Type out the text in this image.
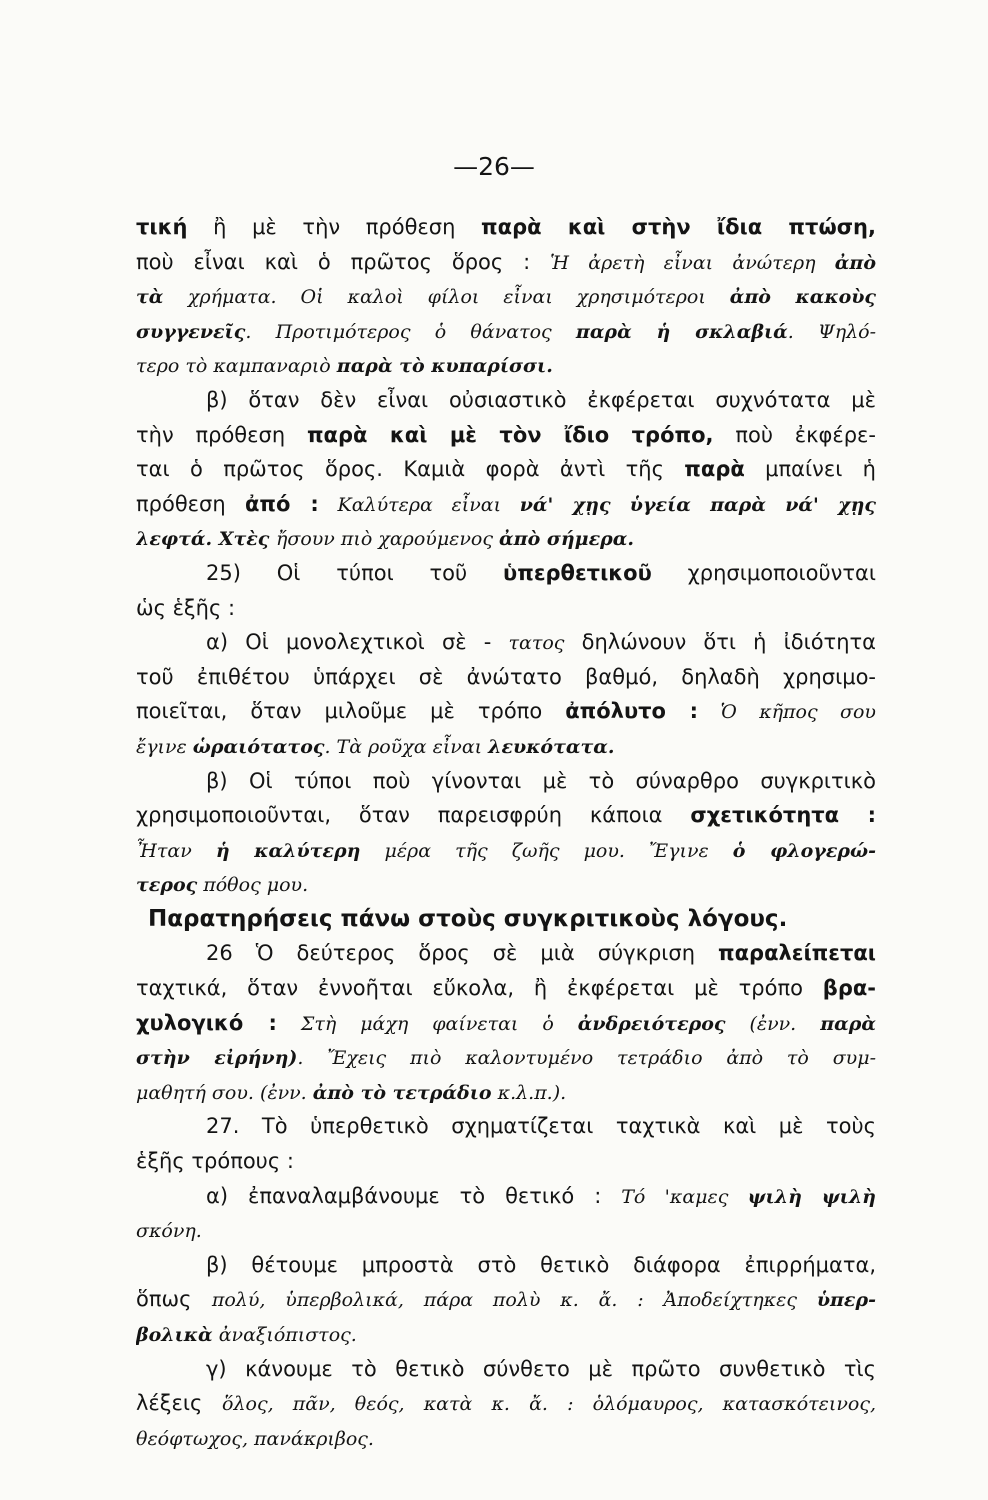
—26—
τική ἢ μὲ τὴν πρόθεση παρὰ καὶ στὴν ἴδια πτώση,
ποὺ εἶναι καὶ ὁ πρῶτος ὅρος : Ἡ ἀρετὴ εἶναι ἀνώτερη ἀπὸ
τὰ χρήματα. Οἱ καλοὶ φίλοι εἶναι χρησιμότεροι ἀπὸ κακοὺς
συγγενεῖς. Προτιμότερος ὁ θάνατος παρὰ ἡ σκλαβιά. Ψηλό-
τερο τὸ καμπαναριὸ παρὰ τὸ κυπαρίσσι.
β) ὅταν δὲν εἶναι οὐσιαστικὸ ἐκφέρεται συχνότατα μὲ
τὴν πρόθεση παρὰ καὶ μὲ τὸν ἴδιο τρόπο, ποὺ ἐκφέρε-
ται ὁ πρῶτος ὅρος. Καμιὰ φορὰ ἀντὶ τῆς παρὰ μπαίνει ἡ
πρόθεση ἀπό : Καλύτερα εἶναι νά' χῃς ὑγεία παρὰ νά' χῃς
λεφτά. Χτὲς ἤσουν πιὸ χαρούμενος ἀπὸ σήμερα.
25) Οἱ τύποι τοῦ ὑπερθετικοῦ χρησιμοποιοῦνται
ὡς ἑξῆς :
α) Οἱ μονολεχτικοὶ σὲ - τατος δηλώνουν ὅτι ἡ ἰδιότητα
τοῦ ἐπιθέτου ὑπάρχει σὲ ἀνώτατο βαθμό, δηλαδὴ χρησιμο-
ποιεῖται, ὅταν μιλοῦμε μὲ τρόπο ἀπόλυτο : Ὁ κῆπος σου
ἔγινε ὡραιότατος. Τὰ ροῦχα εἶναι λευκότατα.
β) Οἱ τύποι ποὺ γίνονται μὲ τὸ σύναρθρο συγκριτικὸ
χρησιμοποιοῦνται, ὅταν παρεισφρύη κάποια σχετικότητα :
Ἦταν ἡ καλύτερη μέρα τῆς ζωῆς μου. Ἔγινε ὁ φλογερώ-
τερος πόθος μου.
Παρατηρήσεις πάνω στοὺς συγκριτικοὺς λόγους.
26 Ὁ δεύτερος ὅρος σὲ μιὰ σύγκριση παραλείπεται
ταχτικά, ὅταν ἐννοῆται εὔκολα, ἢ ἐκφέρεται μὲ τρόπο βρα-
χυλογικό : Στὴ μάχη φαίνεται ὁ ἀνδρειότερος (ἐνν. παρὰ
στὴν εἰρήνη). Ἔχεις πιὸ καλοντυμένο τετράδιο ἀπὸ τὸ συμ-
μαθητή σου. (ἐνν. ἀπὸ τὸ τετράδιο κ.λ.π.).
27. Τὸ ὑπερθετικὸ σχηματίζεται ταχτικὰ καὶ μὲ τοὺς
ἑξῆς τρόπους :
α) ἐπαναλαμβάνουμε τὸ θετικό : Τό 'καμες ψιλὴ ψιλὴ
σκόνη.
β) θέτουμε μπροστὰ στὸ θετικὸ διάφορα ἐπιρρήματα,
ὅπως πολύ, ὑπερβολικά, πάρα πολὺ κ. ἄ. : Ἀποδείχτηκες ὑπερ-
βολικὰ ἀναξιόπιστος.
γ) κάνουμε τὸ θετικὸ σύνθετο μὲ πρῶτο συνθετικὸ τὶς
λέξεις ὅλος, πᾶν, θεός, κατὰ κ. ἄ. : ὁλόμαυρος, κατασκότεινος,
θεόφτωχος, πανάκριβος.
